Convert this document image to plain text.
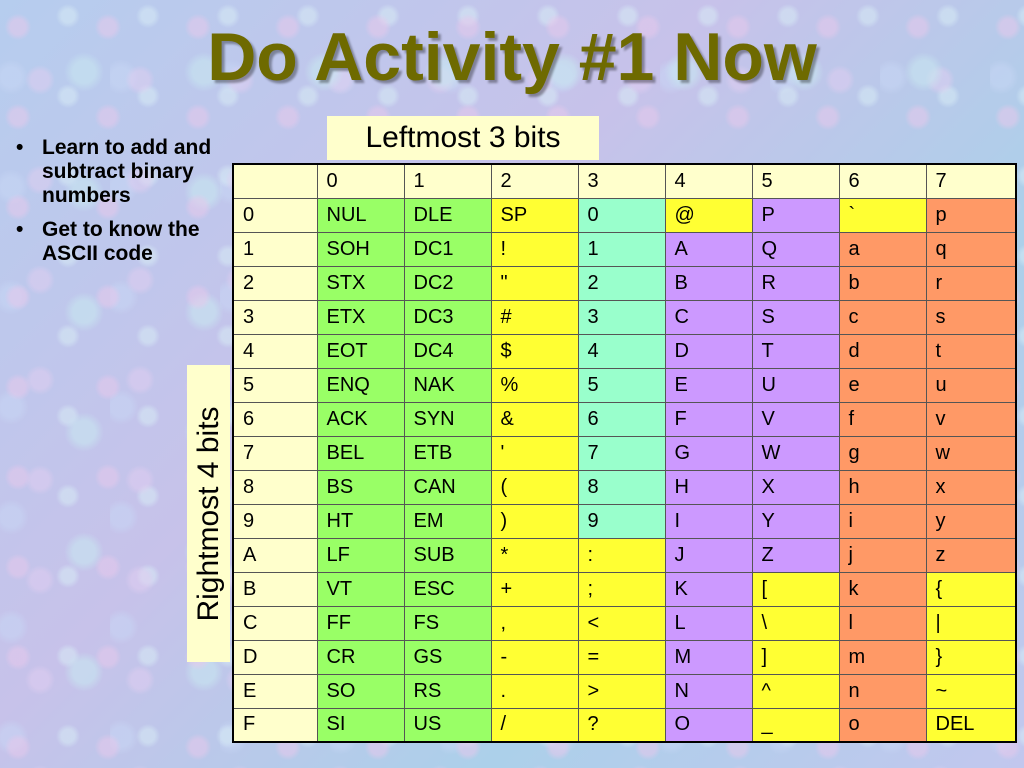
Do Activity #1 Now
• Learn to add and subtract binary numbers
• Get to know the ASCII code
Leftmost 3 bits
Rightmost 4 bits
	0	1	2	3	4	5	6	7
0	NUL	DLE	SP	0	@	P	`	p
1	SOH	DC1	!	1	A	Q	a	q
2	STX	DC2	"	2	B	R	b	r
3	ETX	DC3	#	3	C	S	c	s
4	EOT	DC4	$	4	D	T	d	t
5	ENQ	NAK	%	5	E	U	e	u
6	ACK	SYN	&	6	F	V	f	v
7	BEL	ETB	'	7	G	W	g	w
8	BS	CAN	(	8	H	X	h	x
9	HT	EM	)	9	I	Y	i	y
A	LF	SUB	*	:	J	Z	j	z
B	VT	ESC	+	;	K	[	k	{
C	FF	FS	,	<	L	\	l	|
D	CR	GS	-	=	M	]	m	}
E	SO	RS	.	>	N	^	n	~
F	SI	US	/	?	O	_	o	DEL
